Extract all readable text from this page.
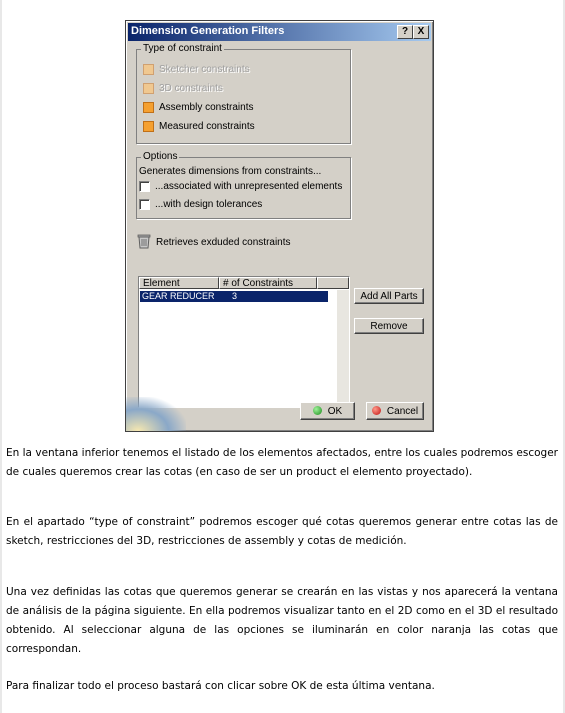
Dimension Generation Filters	? X
Type of constraint
Sketcher constraints
3D constraints
Assembly constraints
Measured constraints
Options
Generates dimensions from constraints...
...associated with unrepresented elements
...with design tolerances
Retrieves exduded constraints
Element	# of Constraints
GEAR REDUCER	3	Add All Parts
Remove
OK	Cancel

En la ventana inferior tenemos el listado de los elementos afectados, entre los cuales podremos escoger de cuales queremos crear las cotas (en caso de ser un product el elemento proyectado).

En el apartado “type of constraint” podremos escoger qué cotas queremos generar entre cotas las de sketch, restricciones del 3D, restricciones de assembly y cotas de medición.

Una vez definidas las cotas que queremos generar se crearán en las vistas y nos aparecerá la ventana de análisis de la página siguiente. En ella podremos visualizar tanto en el 2D como en el 3D el resultado obtenido. Al seleccionar alguna de las opciones se iluminarán en color naranja las cotas que correspondan.

Para finalizar todo el proceso bastará con clicar sobre OK de esta última ventana.
